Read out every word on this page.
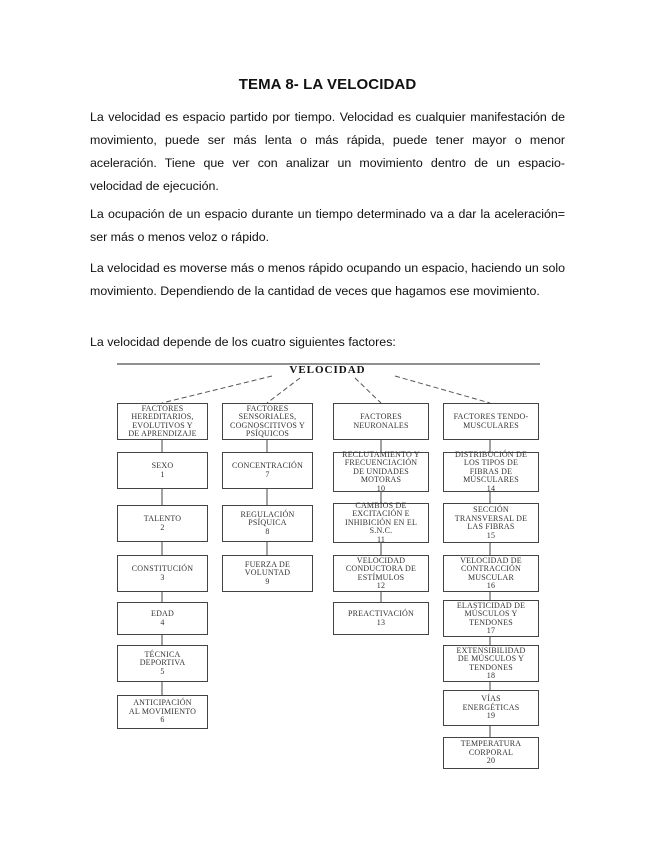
TEMA 8- LA VELOCIDAD

La velocidad es espacio partido por tiempo. Velocidad es cualquier manifestación de movimiento, puede ser más lenta o más rápida, puede tener mayor o menor aceleración. Tiene que ver con analizar un movimiento dentro de un espacio-velocidad de ejecución.

La ocupación de un espacio durante un tiempo determinado va a dar la aceleración= ser más o menos veloz o rápido.

La velocidad es moverse más o menos rápido ocupando un espacio, haciendo un solo movimiento. Dependiendo de la cantidad de veces que hagamos ese movimiento.

La velocidad depende de los cuatro siguientes factores:

VELOCIDAD
FACTORES
HEREDITARIOS,
EVOLUTIVOS Y
DE APRENDIZAJE
SEXO
1
TALENTO
2
CONSTITUCIÓN
3
EDAD
4
TÉCNICA
DEPORTIVA
5
ANTICIPACIÓN
AL MOVIMIENTO
6
FACTORES
SENSORIALES,
COGNOSCITIVOS Y
PSÍQUICOS
CONCENTRACIÓN
7
REGULACIÓN
PSÍQUICA
8
FUERZA DE
VOLUNTAD
9
FACTORES
NEURONALES
RECLUTAMIENTO Y
FRECUENCIACIÓN
DE UNIDADES
MOTORAS
10
CAMBIOS DE
EXCITACIÓN E
INHIBICIÓN EN EL
S.N.C.
11
VELOCIDAD
CONDUCTORA DE
ESTÍMULOS
12
PREACTIVACIÓN
13
FACTORES TENDO-
MUSCULARES
DISTRIBUCIÓN DE
LOS TIPOS DE
FIBRAS DE
MÚSCULARES
14
SECCIÓN
TRANSVERSAL DE
LAS FIBRAS
15
VELOCIDAD DE
CONTRACCIÓN
MUSCULAR
16
ELASTICIDAD DE
MÚSCULOS Y
TENDONES
17
EXTENSIBILIDAD
DE MÚSCULOS Y
TENDONES
18
VÍAS
ENERGÉTICAS
19
TEMPERATURA
CORPORAL
20
